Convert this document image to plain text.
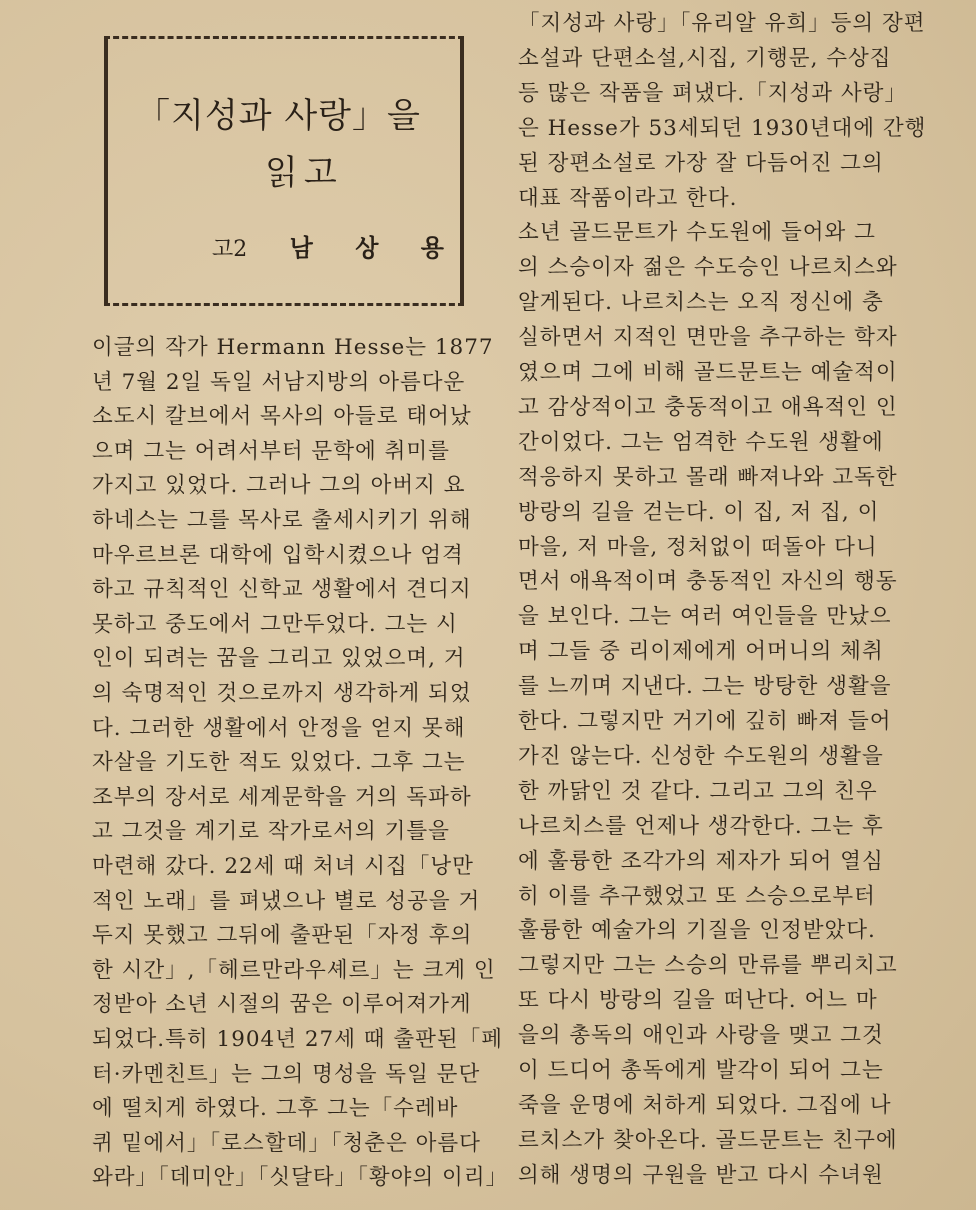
「지성과 사랑」을
읽고
고2 남 상 용
이글의 작가 Hermann Hesse는 1877
년 7월 2일 독일 서남지방의 아름다운
소도시 칼브에서 목사의 아들로 태어났
으며 그는 어려서부터 문학에 취미를
가지고 있었다. 그러나 그의 아버지 요
하네스는 그를 목사로 출세시키기 위해
마우르브론 대학에 입학시켰으나 엄격
하고 규칙적인 신학교 생활에서 견디지
못하고 중도에서 그만두었다. 그는 시
인이 되려는 꿈을 그리고 있었으며, 거
의 숙명적인 것으로까지 생각하게 되었
다. 그러한 생활에서 안정을 얻지 못해
자살을 기도한 적도 있었다. 그후 그는
조부의 장서로 세계문학을 거의 독파하
고 그것을 계기로 작가로서의 기틀을
마련해 갔다. 22세 때 처녀 시집「낭만
적인 노래」를 펴냈으나 별로 성공을 거
두지 못했고 그뒤에 출판된「자정 후의
한 시간」,「헤르만라우셰르」는 크게 인
정받아 소년 시절의 꿈은 이루어져가게
되었다.특히 1904년 27세 때 출판된「페
터·카멘친트」는 그의 명성을 독일 문단
에 떨치게 하였다. 그후 그는「수레바
퀴 밑에서」「로스할데」「청춘은 아름다
와라」「데미안」「싯달타」「황야의 이리」
「지성과 사랑」「유리알 유희」등의 장편
소설과 단편소설,시집, 기행문, 수상집
등 많은 작품을 펴냈다.「지성과 사랑」
은 Hesse가 53세되던 1930년대에 간행
된 장편소설로 가장 잘 다듬어진 그의
대표 작품이라고 한다.
소년 골드문트가 수도원에 들어와 그
의 스승이자 젊은 수도승인 나르치스와
알게된다. 나르치스는 오직 정신에 충
실하면서 지적인 면만을 추구하는 학자
였으며 그에 비해 골드문트는 예술적이
고 감상적이고 충동적이고 애욕적인 인
간이었다. 그는 엄격한 수도원 생활에
적응하지 못하고 몰래 빠져나와 고독한
방랑의 길을 걷는다. 이 집, 저 집, 이
마을, 저 마을, 정처없이 떠돌아 다니
면서 애욕적이며 충동적인 자신의 행동
을 보인다. 그는 여러 여인들을 만났으
며 그들 중 리이제에게 어머니의 체취
를 느끼며 지낸다. 그는 방탕한 생활을
한다. 그렇지만 거기에 깊히 빠져 들어
가진 않는다. 신성한 수도원의 생활을
한 까닭인 것 같다. 그리고 그의 친우
나르치스를 언제나 생각한다. 그는 후
에 훌륭한 조각가의 제자가 되어 열심
히 이를 추구했었고 또 스승으로부터
훌륭한 예술가의 기질을 인정받았다.
그렇지만 그는 스승의 만류를 뿌리치고
또 다시 방랑의 길을 떠난다. 어느 마
을의 총독의 애인과 사랑을 맺고 그것
이 드디어 총독에게 발각이 되어 그는
죽을 운명에 처하게 되었다. 그집에 나
르치스가 찾아온다. 골드문트는 친구에
의해 생명의 구원을 받고 다시 수녀원
